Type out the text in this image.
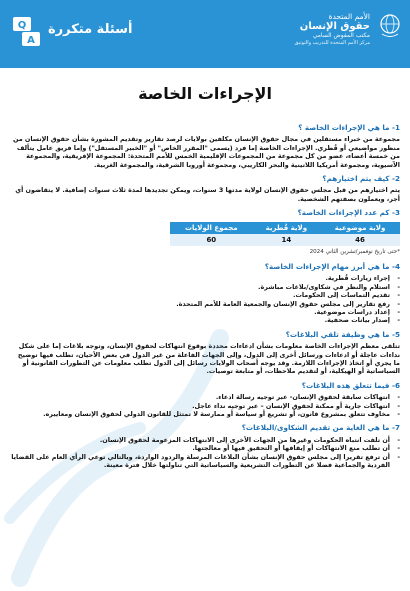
Q
A
أسئلة متكررة
الأمم المتحدة
حقوق الإنسان
مكتب المفوض السامي
مركز الأمم المتحدة للتدريب والتوثيق
الإجراءات الخاصة
1- ما هي الإجراءات الخاصة ؟
مجموعة من خبراء مستقلين في مجال حقوق الإنسان مكلفين بولايات لرصد تقارير وتقديم المشورة بشأن حقوق الإنسان من منظور مواضيعي أو قُطري. الإجراءات الخاصة إما فرد (يسمى "المقرر الخاص" أو "الخبير المستقل") وإما فريق عامل يتألف من خمسة أعضاء، عضو من كل مجموعة من المجموعات الإقليمية الخمس للأمم المتحدة: المجموعة الإفريقية، والمجموعة الآسيوية، ومجموعة أمريكيا اللاتينية والبحر الكاريبي، ومجموعة أوروبا الشرقية، والمجموعة الغربية.
2- كيف يتم اختيارهم؟
يتم اختيارهم من قبل مجلس حقوق الإنسان لولاية مدتها 3 سنوات، ويمكن تجديدها لمدة ثلاث سنوات إضافية. لا يتقاضون أي أجر، ويعملون بصفتهم الشخصية.
3- كم عدد الإجراءات الخاصة؟
ولاية موضوعية	ولاية قُطرية	مجموع الولايات
46	14	60
*حتى تاريخ نوفمبر/تشرين الثاني 2024
4- ما هي أبرز مهام الإجراءات الخاصة؟
- إجراء زيارات قُطرية.
- استلام والنظر في شكاوى/بلاغات مباشرة.
- تقديم التماسات إلى الحكومات.
- رفع تقارير إلى مجلس حقوق الإنسان والجمعية العامة للأمم المتحدة.
- إعداد دراسات موضوعية.
- إصدار بيانات صحفية.
5- ما هي وظيفة تلقي البلاغات؟
تتلقى معظم الإجراءات الخاصة معلومات بشأن ادعاءات محددة بوقوع انتهاكات لحقوق الإنسان، وتوجه بلاغات إما على شكل نداءات عاجلة أو ادعاءات ورسائل أخرى إلى الدول، وإلى الجهات الفاعلة من غير الدول في بعض الأحيان، تطلب فيها توضيح ما يجري أو اتخاذ الإجراءات اللازمة. وقد يوجه أصحاب الولايات رسائل إلى الدول تطلب معلومات عن التطورات القانونية أو السياساتية أو الهيكلية، أو لتقديم ملاحظات، أو متابعة توصيات.
6- فيما تتعلق هذه البلاغات؟
- انتهاكات سابقة لحقوق الإنسان- عبر توجيه رسالة ادعاء.
- انتهاكات جارية أو ممكنة لحقوق الإنسان – عبر توجيه نداء عاجل.
- مخاوف تتعلق بمشروع قانون، أو تشريع أو سياسة أو ممارسة لا تمتثل للقانون الدولي لحقوق الإنسان ومعاييره.
7- ما هي الغاية من تقديم الشكاوى/البلاغات؟
- أن تلفت انتباه الحكومات وغيرها من الجهات الأخرى إلى الانتهاكات المزعومة لحقوق الإنسان.
- أن تطلب منع الانتهاكات أو إيقافها أو التحقيق فيها أو معالجتها.
- أن ترفع تقريرا إلى مجلس حقوق الإنسان بشأن البلاغات المرسلة والردود الواردة، وبالتالي توعي الرأي العام على القضايا الفردية والجماعية فضلا عن التطورات التشريعية والسياساتية التي تناولتها خلال فترة معينة.
